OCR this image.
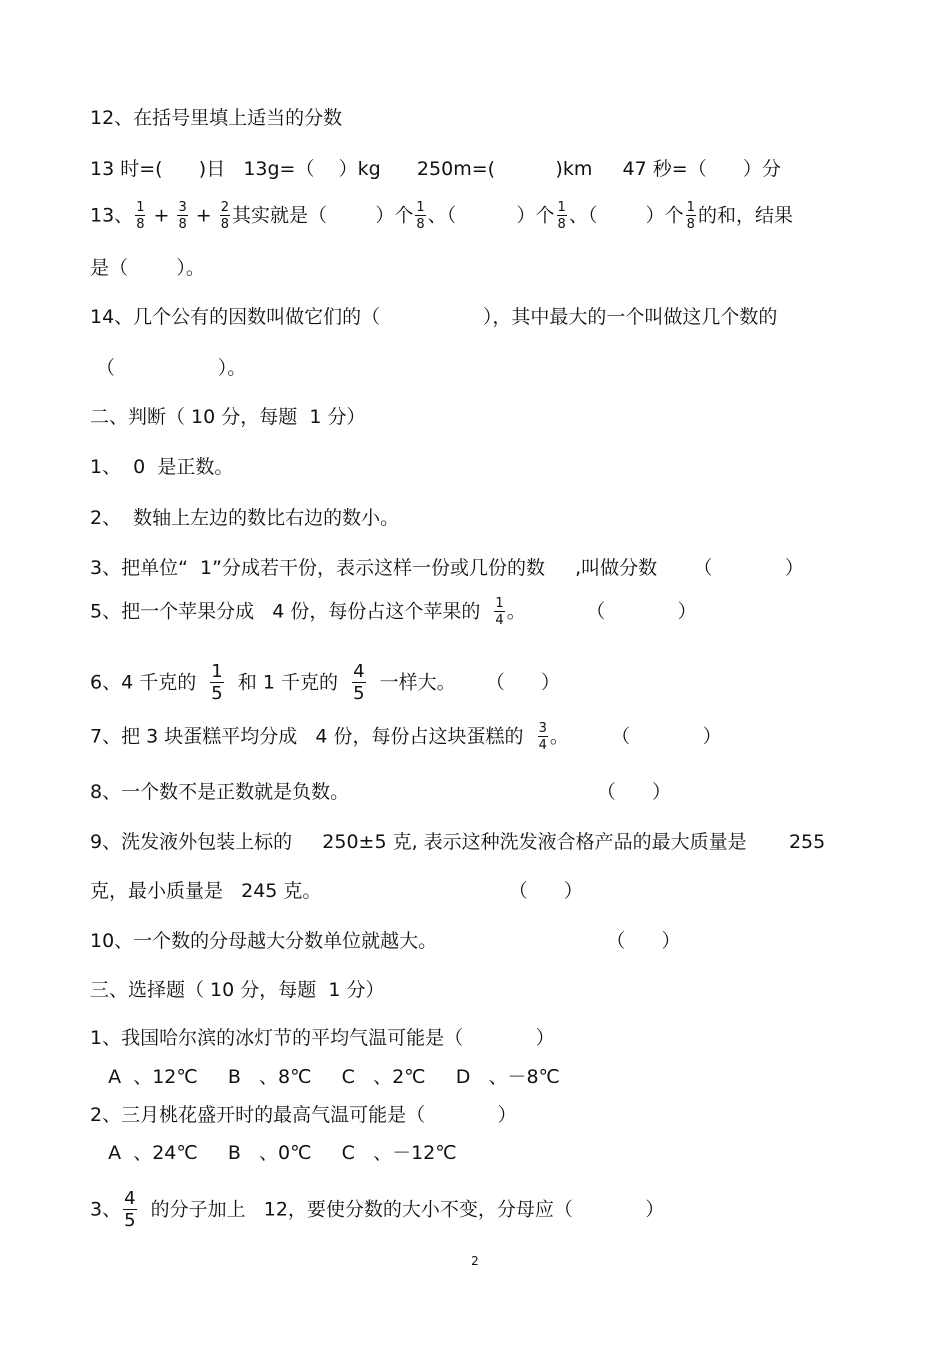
12、在括号里填上适当的分数
13 时=(      )日   13g=（    ）kg      250m=(          )km     47 秒=（      ）分
13、 $\frac{1}{8} + \frac{3}{8} + \frac{2}{8}$ 其实就是（        ）个 $\frac{1}{8}$ 、（          ）个 $\frac{1}{8}$ 、（        ）个 $\frac{1}{8}$ 的和，结果
是（        ）。
14、几个公有的因数叫做它们的（                 ），其中最大的一个叫做这几个数的
（                 ）。
二、判断（ 10 分，每题  1 分）
1、  0  是正数。
2、  数轴上左边的数比右边的数小。
3、把单位“  1”分成若干份，表示这样一份或几份的数     ,叫做分数      （            ）
5、把一个苹果分成   4 份，每份占这个苹果的 $\frac{1}{4}$ 。          （            ）
6、4 千克的 $\frac{1}{5}$ 和 1 千克的 $\frac{4}{5}$ 一样大。     （      ）
7、把 3 块蛋糕平均分成   4 份，每份占这块蛋糕的 $\frac{3}{4}$ 。       （            ）
8、一个数不是正数就是负数。                                         （      ）
9、洗发液外包装上标的     250±5 克, 表示这种洗发液合格产品的最大质量是       255
克，最小质量是   245 克。                               （      ）
10、一个数的分母越大分数单位就越大。                            （      ）
三、选择题（ 10 分，每题  1 分）
1、我国哈尔滨的冰灯节的平均气温可能是（            ）
A  、12℃     B   、8℃     C   、2℃     D   、－8℃
2、三月桃花盛开时的最高气温可能是（            ）
A  、24℃     B   、0℃     C   、－12℃
3、 $\frac{4}{5}$ 的分子加上   12，要使分数的大小不变，分母应（            ）
2
